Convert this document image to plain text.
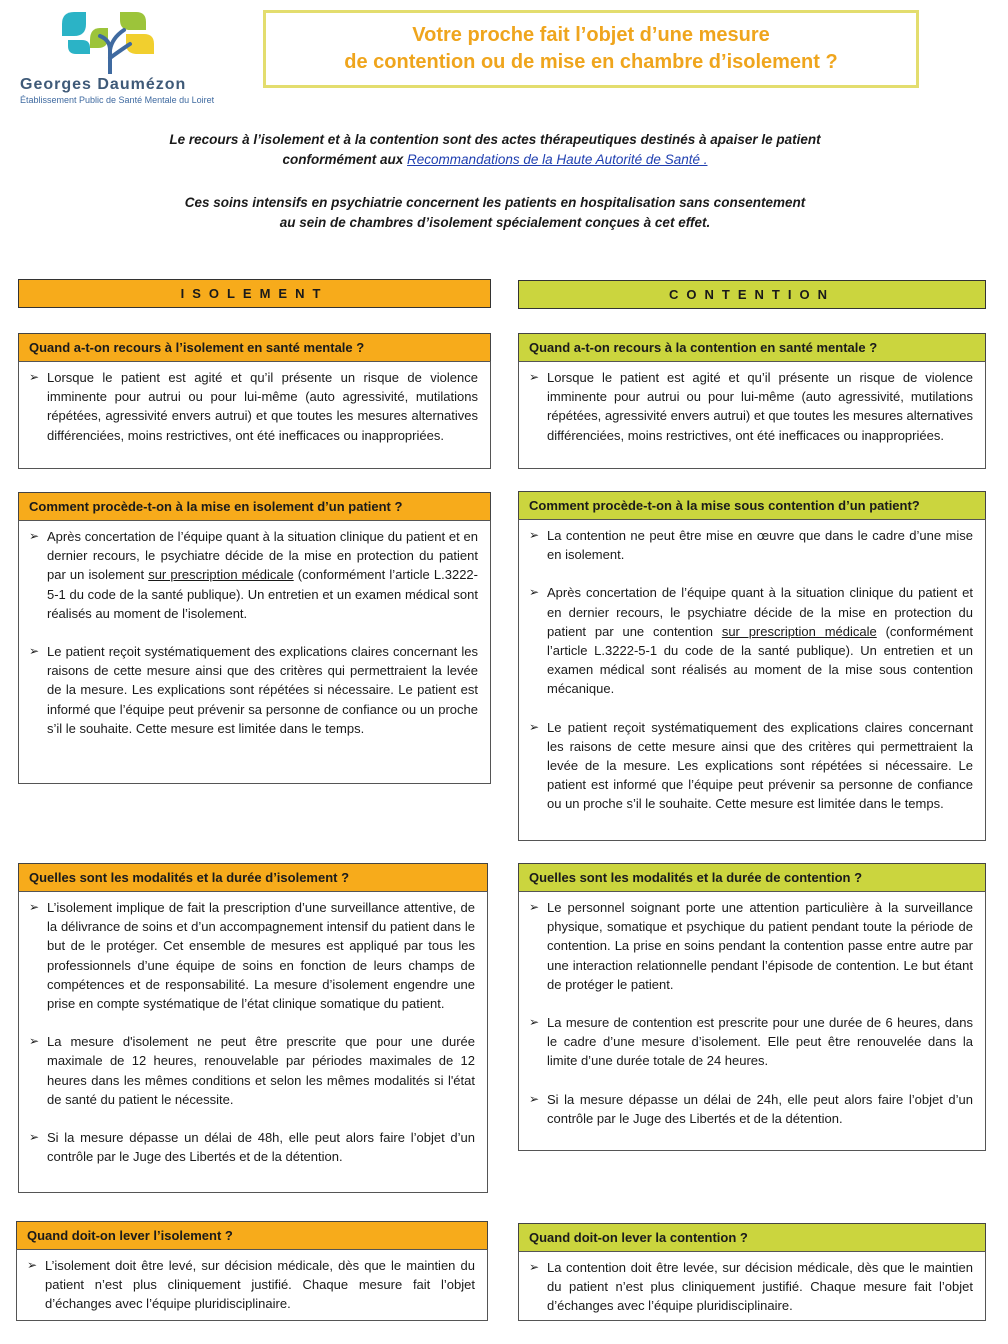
Georges Daumézon
Établissement Public de Santé Mentale du Loiret
Votre proche fait l’objet d’une mesure
de contention ou de mise en chambre d’isolement ?
Le recours à l’isolement et à la contention sont des actes thérapeutiques destinés à apaiser le patient
conformément aux Recommandations de la Haute Autorité de Santé .
Ces soins intensifs en psychiatrie concernent les patients en hospitalisation sans consentement
au sein de chambres d’isolement spécialement conçues à cet effet.
ISOLEMENT	CONTENTION
Quand a-t-on recours à l’isolement en santé mentale ?
➢ Lorsque le patient est agité et qu’il présente un risque de violence imminente pour autrui ou pour lui-même (auto agressivité, mutilations répétées, agressivité envers autrui) et que toutes les mesures alternatives différenciées, moins restrictives, ont été inefficaces ou inappropriées.
Quand a-t-on recours à la contention en santé mentale ?
➢ Lorsque le patient est agité et qu’il présente un risque de violence imminente pour autrui ou pour lui-même (auto agressivité, mutilations répétées, agressivité envers autrui) et que toutes les mesures alternatives différenciées, moins restrictives, ont été inefficaces ou inappropriées.
Comment procède-t-on à la mise en isolement d’un patient ?
➢ Après concertation de l’équipe quant à la situation clinique du patient et en dernier recours, le psychiatre décide de la mise en protection du patient par un isolement sur prescription médicale (conformément l’article L.3222-5-1 du code de la santé publique). Un entretien et un examen médical sont réalisés au moment de l’isolement.
➢ Le patient reçoit systématiquement des explications claires concernant les raisons de cette mesure ainsi que des critères qui permettraient la levée de la mesure. Les explications sont répétées si nécessaire. Le patient est informé que l’équipe peut prévenir sa personne de confiance ou un proche s’il le souhaite. Cette mesure est limitée dans le temps.
Comment procède-t-on à la mise sous contention d’un patient?
➢ La contention ne peut être mise en œuvre que dans le cadre d’une mise en isolement.
➢ Après concertation de l’équipe quant à la situation clinique du patient et en dernier recours, le psychiatre décide de la mise en protection du patient par une contention sur prescription médicale (conformément l’article L.3222-5-1 du code de la santé publique). Un entretien et un examen médical sont réalisés au moment de la mise sous contention mécanique.
➢ Le patient reçoit systématiquement des explications claires concernant les raisons de cette mesure ainsi que des critères qui permettraient la levée de la mesure. Les explications sont répétées si nécessaire. Le patient est informé que l’équipe peut prévenir sa personne de confiance ou un proche s’il le souhaite. Cette mesure est limitée dans le temps.
Quelles sont les modalités et la durée d’isolement ?
➢ L’isolement implique de fait la prescription d’une surveillance attentive, de la délivrance de soins et d’un accompagnement intensif du patient dans le but de le protéger. Cet ensemble de mesures est appliqué par tous les professionnels d’une équipe de soins en fonction de leurs champs de compétences et de responsabilité. La mesure d’isolement engendre une prise en compte systématique de l’état clinique somatique du patient.
➢ La mesure d'isolement ne peut être prescrite que pour une durée maximale de 12 heures, renouvelable par périodes maximales de 12 heures dans les mêmes conditions et selon les mêmes modalités si l'état de santé du patient le nécessite.
➢ Si la mesure dépasse un délai de 48h, elle peut alors faire l’objet d’un contrôle par le Juge des Libertés et de la détention.
Quelles sont les modalités et la durée de contention ?
➢ Le personnel soignant porte une attention particulière à la surveillance physique, somatique et psychique du patient pendant toute la période de contention. La prise en soins pendant la contention passe entre autre par une interaction relationnelle pendant l’épisode de contention. Le but étant de protéger le patient.
➢ La mesure de contention est prescrite pour une durée de 6 heures, dans le cadre d’une mesure d’isolement. Elle peut être renouvelée dans la limite d’une durée totale de 24 heures.
➢ Si la mesure dépasse un délai de 24h, elle peut alors faire l’objet d’un contrôle par le Juge des Libertés et de la détention.
Quand doit-on lever l’isolement ?
➢ L’isolement doit être levé, sur décision médicale, dès que le maintien du patient n’est plus cliniquement justifié. Chaque mesure fait l’objet d’échanges avec l’équipe pluridisciplinaire.
Quand doit-on lever la contention ?
➢ La contention doit être levée, sur décision médicale, dès que le maintien du patient n’est plus cliniquement justifié. Chaque mesure fait l’objet d’échanges avec l’équipe pluridisciplinaire.
